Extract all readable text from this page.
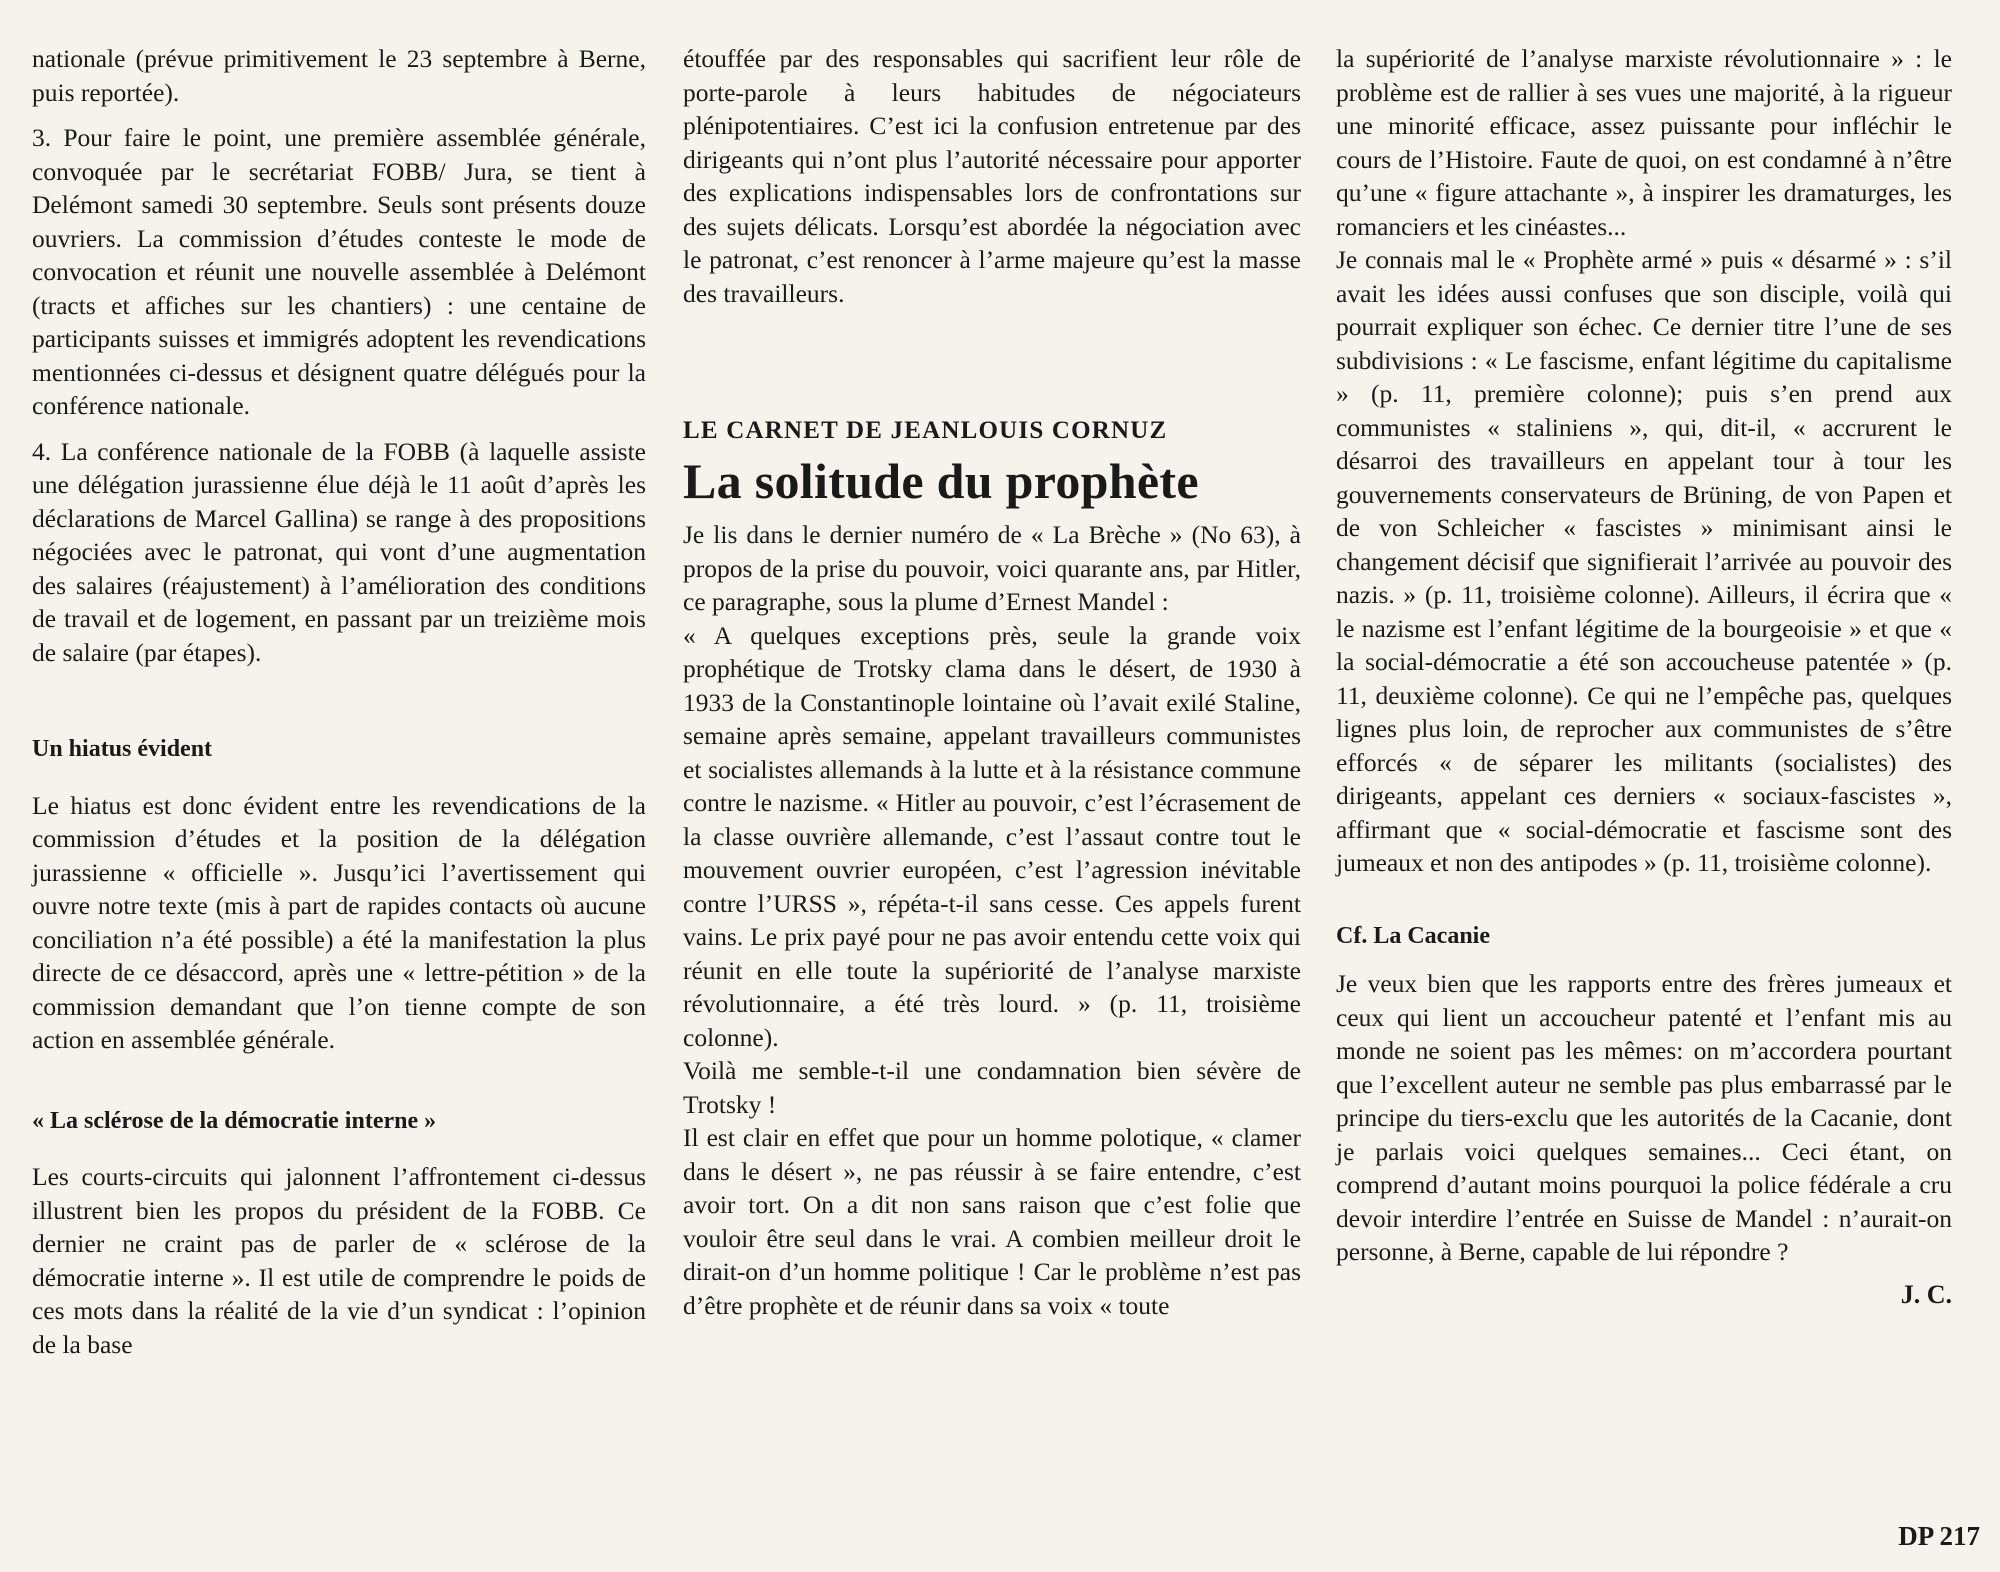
nationale (prévue primitivement le 23 septembre à Berne, puis reportée).

3. Pour faire le point, une première assemblée générale, convoquée par le secrétariat FOBB/ Jura, se tient à Delémont samedi 30 septembre. Seuls sont présents douze ouvriers. La commission d’études conteste le mode de convocation et réunit une nouvelle assemblée à Delémont (tracts et affiches sur les chantiers) : une centaine de participants suisses et immigrés adoptent les revendications mentionnées ci-dessus et désignent quatre délégués pour la conférence nationale.

4. La conférence nationale de la FOBB (à laquelle assiste une délégation jurassienne élue déjà le 11 août d’après les déclarations de Marcel Gallina) se range à des propositions négociées avec le patronat, qui vont d’une augmentation des salaires (réajustement) à l’amélioration des conditions de travail et de logement, en passant par un treizième mois de salaire (par étapes).

Un hiatus évident

Le hiatus est donc évident entre les revendications de la commission d’études et la position de la délégation jurassienne « officielle ». Jusqu’ici l’avertissement qui ouvre notre texte (mis à part de rapides contacts où aucune conciliation n’a été possible) a été la manifestation la plus directe de ce désaccord, après une « lettre-pétition » de la commission demandant que l’on tienne compte de son action en assemblée générale.

« La sclérose de la démocratie interne »

Les courts-circuits qui jalonnent l’affrontement ci-dessus illustrent bien les propos du président de la FOBB. Ce dernier ne craint pas de parler de « sclérose de la démocratie interne ». Il est utile de comprendre le poids de ces mots dans la réalité de la vie d’un syndicat : l’opinion de la base

étouffée par des responsables qui sacrifient leur rôle de porte-parole à leurs habitudes de négociateurs plénipotentiaires. C’est ici la confusion entretenue par des dirigeants qui n’ont plus l’autorité nécessaire pour apporter des explications indispensables lors de confrontations sur des sujets délicats. Lorsqu’est abordée la négociation avec le patronat, c’est renoncer à l’arme majeure qu’est la masse des travailleurs.

LE CARNET DE JEANLOUIS CORNUZ
La solitude du prophète

Je lis dans le dernier numéro de « La Brèche » (No 63), à propos de la prise du pouvoir, voici quarante ans, par Hitler, ce paragraphe, sous la plume d’Ernest Mandel :

« A quelques exceptions près, seule la grande voix prophétique de Trotsky clama dans le désert, de 1930 à 1933 de la Constantinople lointaine où l’avait exilé Staline, semaine après semaine, appelant travailleurs communistes et socialistes allemands à la lutte et à la résistance commune contre le nazisme. « Hitler au pouvoir, c’est l’écrasement de la classe ouvrière allemande, c’est l’assaut contre tout le mouvement ouvrier européen, c’est l’agression inévitable contre l’URSS », répéta-t-il sans cesse. Ces appels furent vains. Le prix payé pour ne pas avoir entendu cette voix qui réunit en elle toute la supériorité de l’analyse marxiste révolutionnaire, a été très lourd. » (p. 11, troisième colonne).

Voilà me semble-t-il une condamnation bien sévère de Trotsky !

Il est clair en effet que pour un homme polotique, « clamer dans le désert », ne pas réussir à se faire entendre, c’est avoir tort. On a dit non sans raison que c’est folie que vouloir être seul dans le vrai. A combien meilleur droit le dirait-on d’un homme politique ! Car le problème n’est pas d’être prophète et de réunir dans sa voix « toute

la supériorité de l’analyse marxiste révolutionnaire » : le problème est de rallier à ses vues une majorité, à la rigueur une minorité efficace, assez puissante pour infléchir le cours de l’Histoire. Faute de quoi, on est condamné à n’être qu’une « figure attachante », à inspirer les dramaturges, les romanciers et les cinéastes...

Je connais mal le « Prophète armé » puis « désarmé » : s’il avait les idées aussi confuses que son disciple, voilà qui pourrait expliquer son échec. Ce dernier titre l’une de ses subdivisions : « Le fascisme, enfant légitime du capitalisme » (p. 11, première colonne); puis s’en prend aux communistes « staliniens », qui, dit-il, « accrurent le désarroi des travailleurs en appelant tour à tour les gouvernements conservateurs de Brüning, de von Papen et de von Schleicher « fascistes » minimisant ainsi le changement décisif que signifierait l’arrivée au pouvoir des nazis. » (p. 11, troisième colonne). Ailleurs, il écrira que « le nazisme est l’enfant légitime de la bourgeoisie » et que « la social-démocratie a été son accoucheuse patentée » (p. 11, deuxième colonne). Ce qui ne l’empêche pas, quelques lignes plus loin, de reprocher aux communistes de s’être efforcés « de séparer les militants (socialistes) des dirigeants, appelant ces derniers « sociaux-fascistes », affirmant que « social-démocratie et fascisme sont des jumeaux et non des antipodes » (p. 11, troisième colonne).

Cf. La Cacanie

Je veux bien que les rapports entre des frères jumeaux et ceux qui lient un accoucheur patenté et l’enfant mis au monde ne soient pas les mêmes: on m’accordera pourtant que l’excellent auteur ne semble pas plus embarrassé par le principe du tiers-exclu que les autorités de la Cacanie, dont je parlais voici quelques semaines... Ceci étant, on comprend d’autant moins pourquoi la police fédérale a cru devoir interdire l’entrée en Suisse de Mandel : n’aurait-on personne, à Berne, capable de lui répondre ?

J. C.
DP 217
